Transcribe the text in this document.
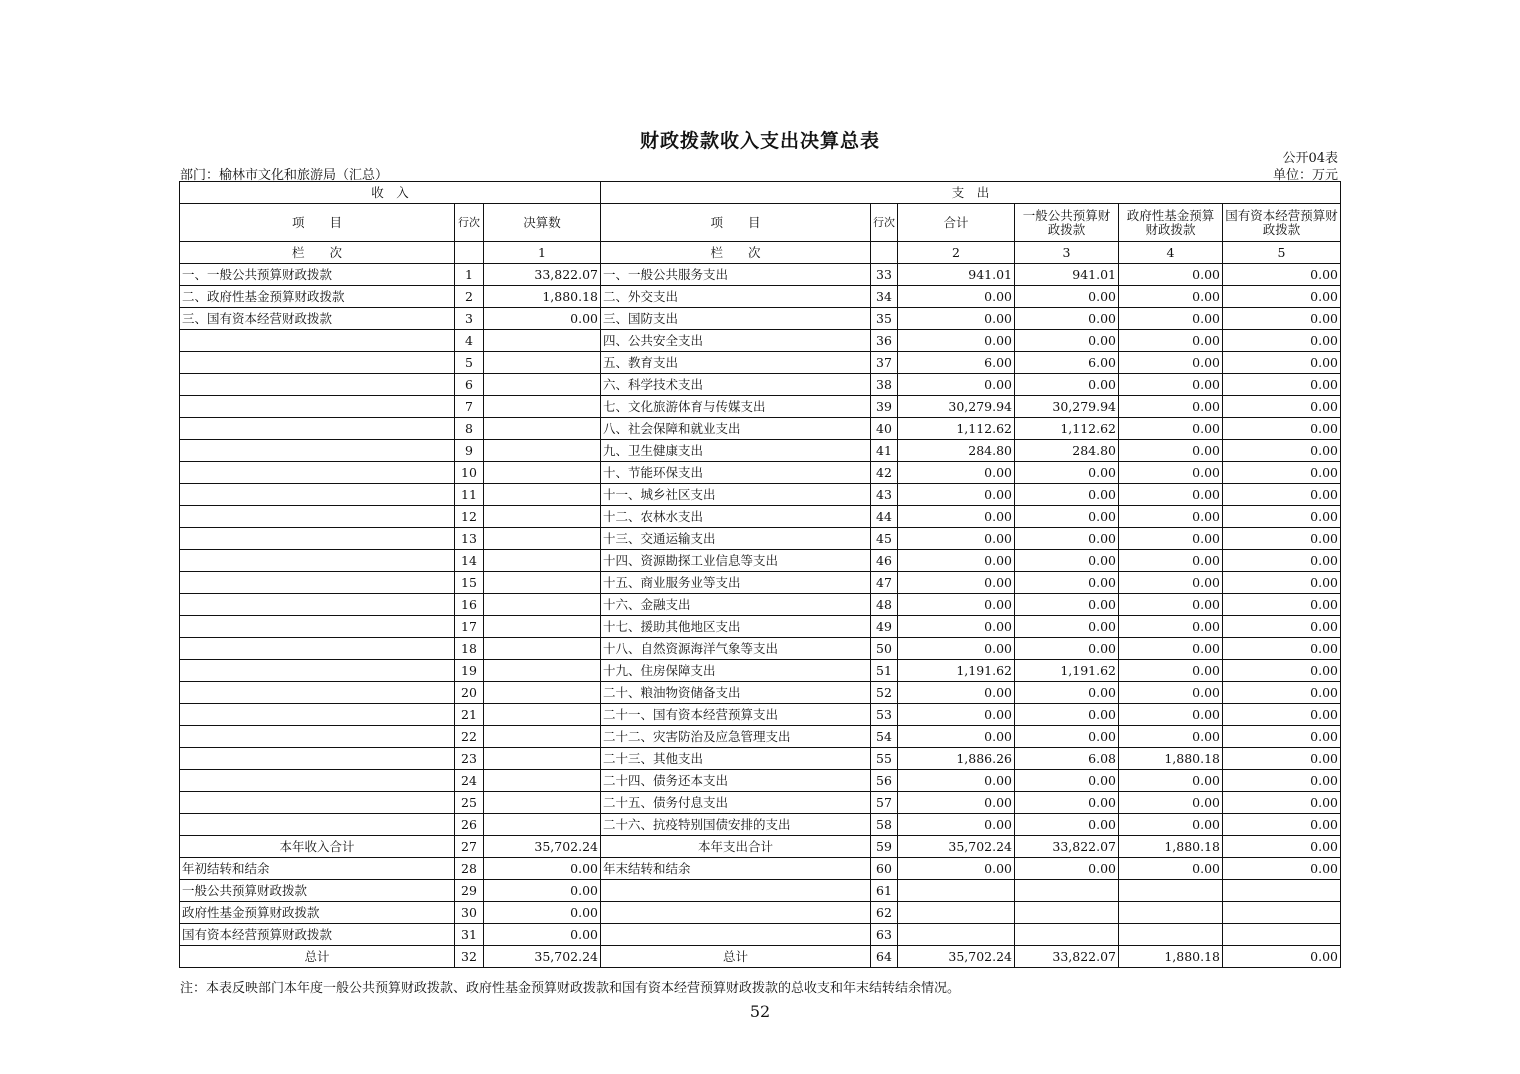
财政拨款收入支出决算总表
公开04表
部门：榆林市文化和旅游局（汇总）	单位：万元
收　入			支　出					
项　　目	行次	决算数	项　　目	行次	合计	一般公共预算财政拨款	政府性基金预算财政拨款	国有资本经营预算财政拨款
栏　　次		1	栏　　次		2	3	4	5
一、一般公共预算财政拨款	1	33,822.07	一、一般公共服务支出	33	941.01	941.01	0.00	0.00
二、政府性基金预算财政拨款	2	1,880.18	二、外交支出	34	0.00	0.00	0.00	0.00
三、国有资本经营财政拨款	3	0.00	三、国防支出	35	0.00	0.00	0.00	0.00
	4		四、公共安全支出	36	0.00	0.00	0.00	0.00
	5		五、教育支出	37	6.00	6.00	0.00	0.00
	6		六、科学技术支出	38	0.00	0.00	0.00	0.00
	7		七、文化旅游体育与传媒支出	39	30,279.94	30,279.94	0.00	0.00
	8		八、社会保障和就业支出	40	1,112.62	1,112.62	0.00	0.00
	9		九、卫生健康支出	41	284.80	284.80	0.00	0.00
	10		十、节能环保支出	42	0.00	0.00	0.00	0.00
	11		十一、城乡社区支出	43	0.00	0.00	0.00	0.00
	12		十二、农林水支出	44	0.00	0.00	0.00	0.00
	13		十三、交通运输支出	45	0.00	0.00	0.00	0.00
	14		十四、资源勘探工业信息等支出	46	0.00	0.00	0.00	0.00
	15		十五、商业服务业等支出	47	0.00	0.00	0.00	0.00
	16		十六、金融支出	48	0.00	0.00	0.00	0.00
	17		十七、援助其他地区支出	49	0.00	0.00	0.00	0.00
	18		十八、自然资源海洋气象等支出	50	0.00	0.00	0.00	0.00
	19		十九、住房保障支出	51	1,191.62	1,191.62	0.00	0.00
	20		二十、粮油物资储备支出	52	0.00	0.00	0.00	0.00
	21		二十一、国有资本经营预算支出	53	0.00	0.00	0.00	0.00
	22		二十二、灾害防治及应急管理支出	54	0.00	0.00	0.00	0.00
	23		二十三、其他支出	55	1,886.26	6.08	1,880.18	0.00
	24		二十四、债务还本支出	56	0.00	0.00	0.00	0.00
	25		二十五、债务付息支出	57	0.00	0.00	0.00	0.00
	26		二十六、抗疫特别国债安排的支出	58	0.00	0.00	0.00	0.00
本年收入合计	27	35,702.24	本年支出合计	59	35,702.24	33,822.07	1,880.18	0.00
年初结转和结余	28	0.00	年末结转和结余	60	0.00	0.00	0.00	0.00
一般公共预算财政拨款	29	0.00		61				
政府性基金预算财政拨款	30	0.00		62				
国有资本经营预算财政拨款	31	0.00		63				
总计	32	35,702.24	总计	64	35,702.24	33,822.07	1,880.18	0.00
注：本表反映部门本年度一般公共预算财政拨款、政府性基金预算财政拨款和国有资本经营预算财政拨款的总收支和年末结转结余情况。
52
